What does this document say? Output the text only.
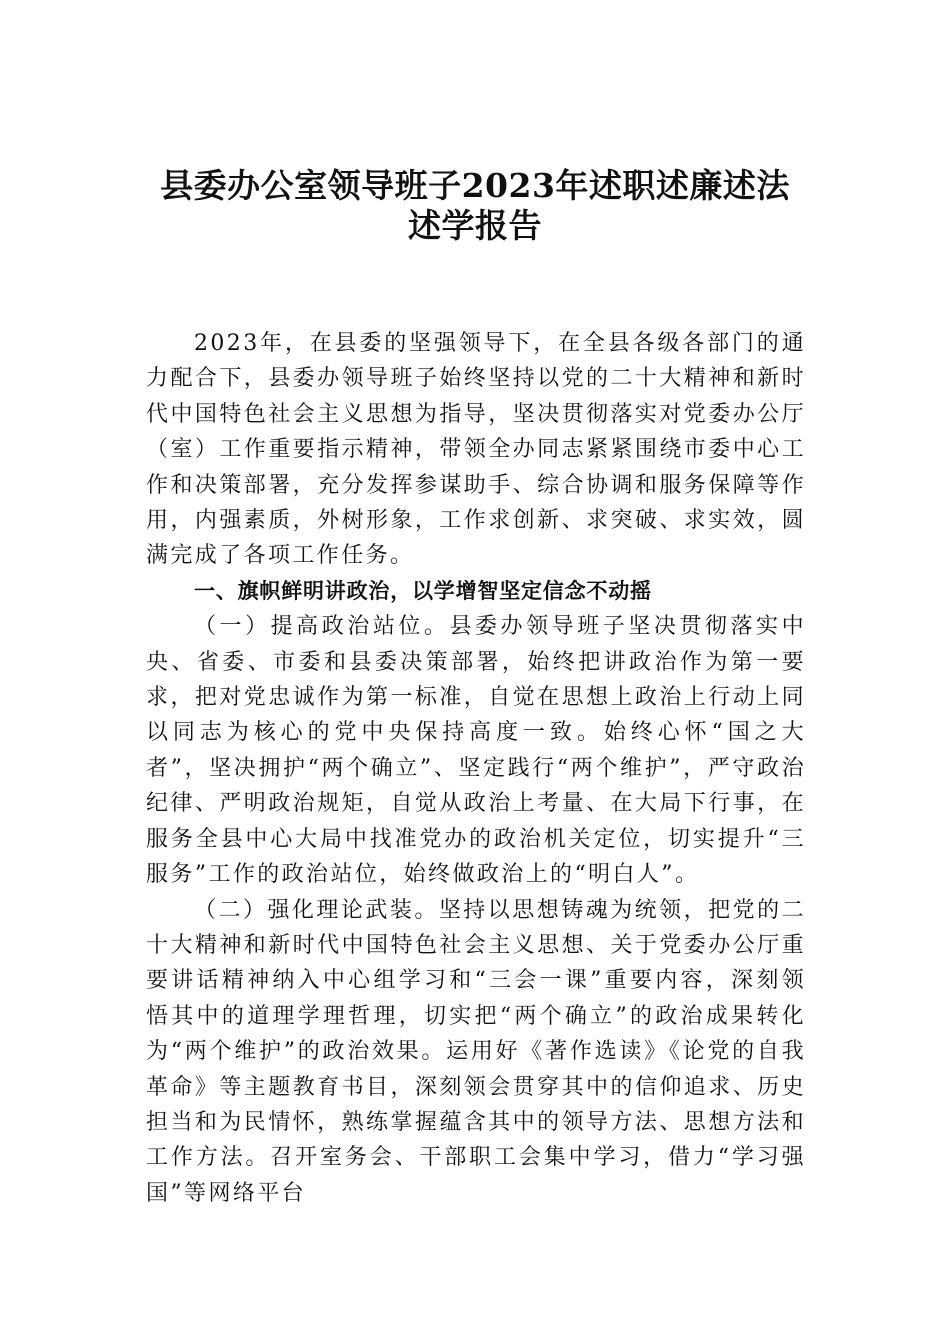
县委办公室领导班子2023年述职述廉述法
述学报告

2023年，在县委的坚强领导下，在全县各级各部门的通力配合下，县委办领导班子始终坚持以党的二十大精神和新时代中国特色社会主义思想为指导，坚决贯彻落实对党委办公厅（室）工作重要指示精神，带领全办同志紧紧围绕市委中心工作和决策部署，充分发挥参谋助手、综合协调和服务保障等作用，内强素质，外树形象，工作求创新、求突破、求实效，圆满完成了各项工作任务。

一、旗帜鲜明讲政治，以学增智坚定信念不动摇

（一）提高政治站位。县委办领导班子坚决贯彻落实中央、省委、市委和县委决策部署，始终把讲政治作为第一要求，把对党忠诚作为第一标准，自觉在思想上政治上行动上同以同志为核心的党中央保持高度一致。始终心怀“国之大者”，坚决拥护“两个确立”、坚定践行“两个维护”，严守政治纪律、严明政治规矩，自觉从政治上考量、在大局下行事，在服务全县中心大局中找准党办的政治机关定位，切实提升“三服务”工作的政治站位，始终做政治上的“明白人”。

（二）强化理论武装。坚持以思想铸魂为统领，把党的二十大精神和新时代中国特色社会主义思想、关于党委办公厅重要讲话精神纳入中心组学习和“三会一课”重要内容，深刻领悟其中的道理学理哲理，切实把“两个确立”的政治成果转化为“两个维护”的政治效果。运用好《著作选读》《论党的自我革命》等主题教育书目，深刻领会贯穿其中的信仰追求、历史担当和为民情怀，熟练掌握蕴含其中的领导方法、思想方法和工作方法。召开室务会、干部职工会集中学习，借力“学习强国”等网络平台
